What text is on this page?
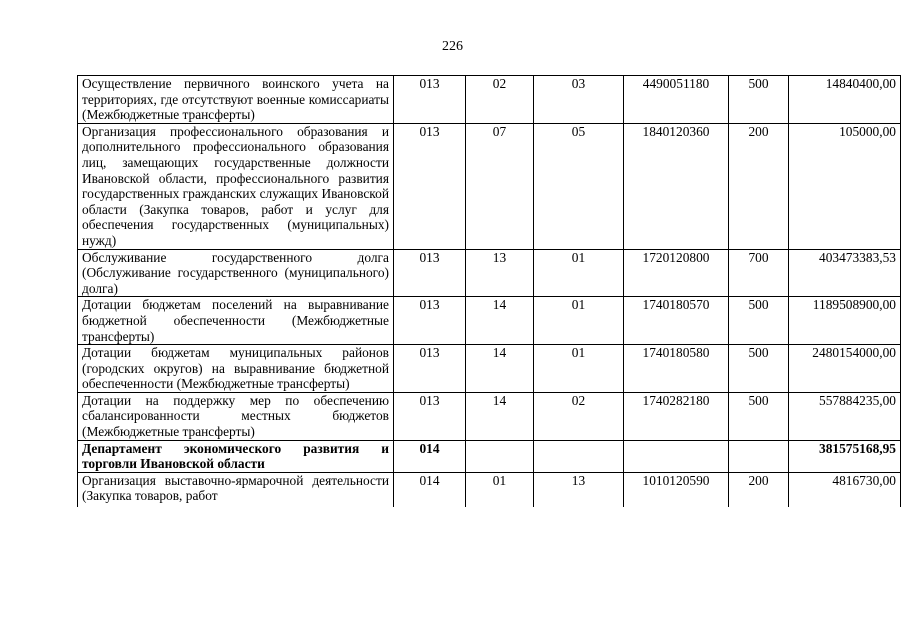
226
Осуществление первичного воинского учета на территориях, где отсутствуют военные комиссариаты (Межбюджетные трансферты)	013	02	03	4490051180	500	14840400,00
Организация профессионального образования и дополнительного профессионального образования лиц, замещающих государственные должности Ивановской области, профессионального развития государственных гражданских служащих Ивановской области (Закупка товаров, работ и услуг для обеспечения государственных (муниципальных) нужд)	013	07	05	1840120360	200	105000,00
Обслуживание государственного долга (Обслуживание государственного (муниципального) долга)	013	13	01	1720120800	700	403473383,53
Дотации бюджетам поселений на выравнивание бюджетной обеспеченности (Межбюджетные трансферты)	013	14	01	1740180570	500	1189508900,00
Дотации бюджетам муниципальных районов (городских округов) на выравнивание бюджетной обеспеченности (Межбюджетные трансферты)	013	14	01	1740180580	500	2480154000,00
Дотации на поддержку мер по обеспечению сбалансированности местных бюджетов (Межбюджетные трансферты)	013	14	02	1740282180	500	557884235,00
Департамент экономического развития и торговли Ивановской области	014					381575168,95

Организация выставочно-ярмарочной деятельности (Закупка товаров, работ	014	01	13	1010120590	200	4816730,00
